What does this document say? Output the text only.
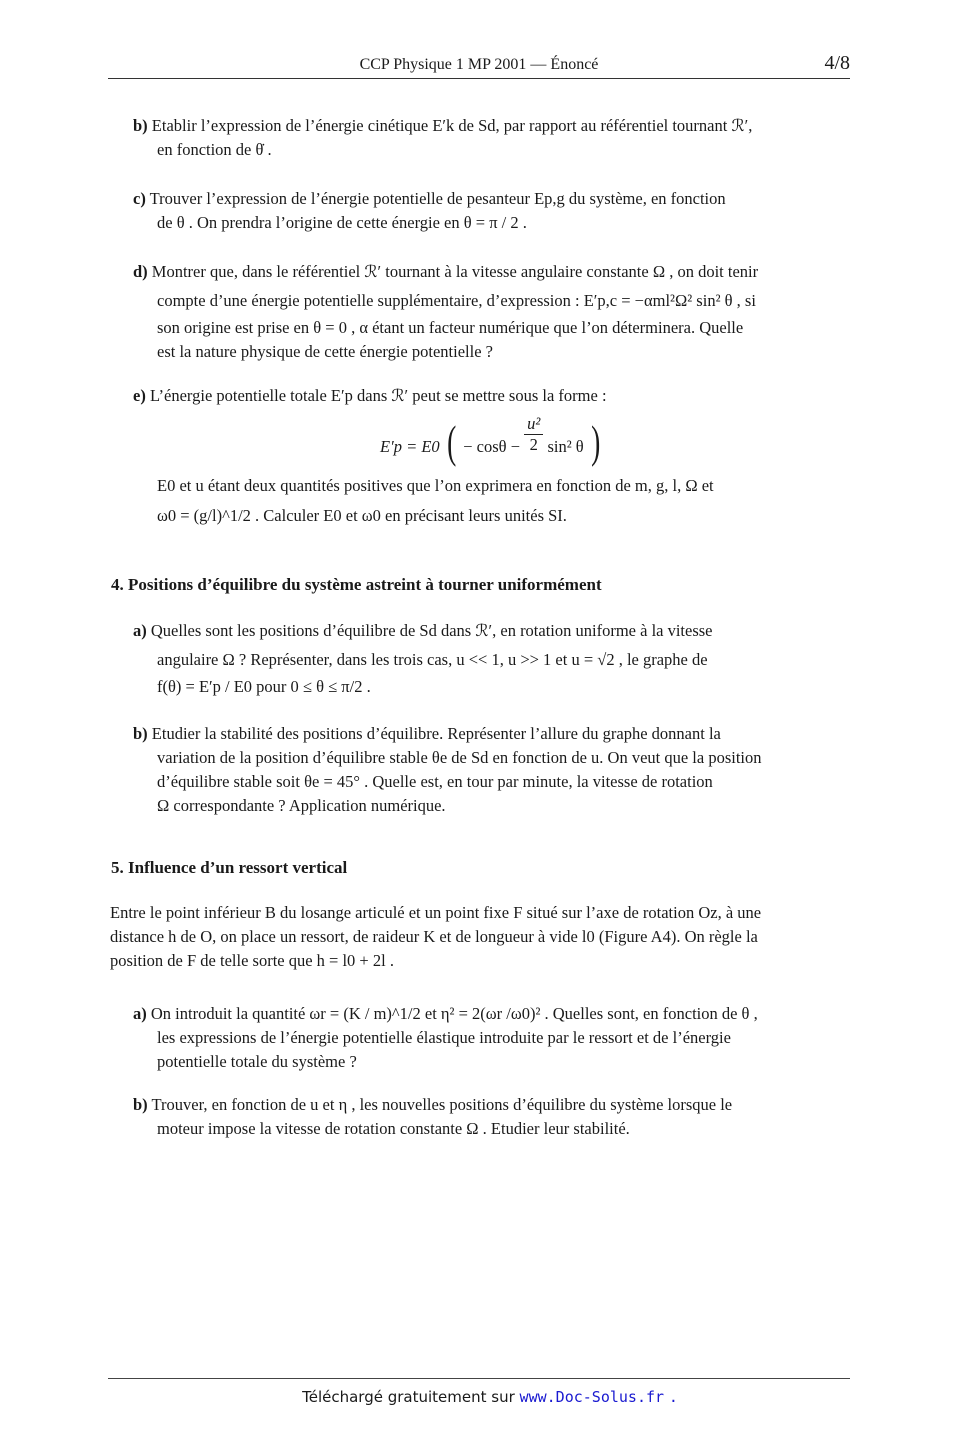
CCP Physique 1 MP 2001 — Énoncé	4/8
b) Etablir l’expression de l’énergie cinétique E′k de Sd, par rapport au référentiel tournant ℛ′,
en fonction de θ̇ .
c) Trouver l’expression de l’énergie potentielle de pesanteur Ep,g du système, en fonction
de θ . On prendra l’origine de cette énergie en θ = π / 2 .
d) Montrer que, dans le référentiel ℛ′ tournant à la vitesse angulaire constante Ω , on doit tenir
compte d’une énergie potentielle supplémentaire, d’expression : E′p,c = −αml²Ω² sin² θ , si
son origine est prise en θ = 0 , α étant un facteur numérique que l’on déterminera. Quelle
est la nature physique de cette énergie potentielle ?
e) L’énergie potentielle totale E′p dans ℛ′ peut se mettre sous la forme :
E′p = E0 ( − $\cos\theta - \frac{\text{u²}}{2} \sin^2$ θ )
E0 et u étant deux quantités positives que l’on exprimera en fonction de m, g, l, Ω et
ω0 = (g/l)^1/2 . Calculer E0 et ω0 en précisant leurs unités SI.
4. Positions d’équilibre du système astreint à tourner uniformément
a) Quelles sont les positions d’équilibre de Sd dans ℛ′, en rotation uniforme à la vitesse
angulaire Ω ? Représenter, dans les trois cas, u << 1, u >> 1 et u = √2 , le graphe de
f(θ) = E′p / E0 pour 0 ≤ θ ≤ π/2 .
b) Etudier la stabilité des positions d’équilibre. Représenter l’allure du graphe donnant la
variation de la position d’équilibre stable θe de Sd en fonction de u. On veut que la position
d’équilibre stable soit θe = 45° . Quelle est, en tour par minute, la vitesse de rotation
Ω correspondante ? Application numérique.
5. Influence d’un ressort vertical
Entre le point inférieur B du losange articulé et un point fixe F situé sur l’axe de rotation Oz, à une
distance h de O, on place un ressort, de raideur K et de longueur à vide l0 (Figure A4). On règle la
position de F de telle sorte que h = l0 + 2l .
a) On introduit la quantité ωr = (K / m)^1/2 et η² = 2(ωr /ω0)² . Quelles sont, en fonction de θ ,
les expressions de l’énergie potentielle élastique introduite par le ressort et de l’énergie
potentielle totale du système ?
b) Trouver, en fonction de u et η , les nouvelles positions d’équilibre du système lorsque le
moteur impose la vitesse de rotation constante Ω . Etudier leur stabilité.
Téléchargé gratuitement sur www.Doc-Solus.fr .
